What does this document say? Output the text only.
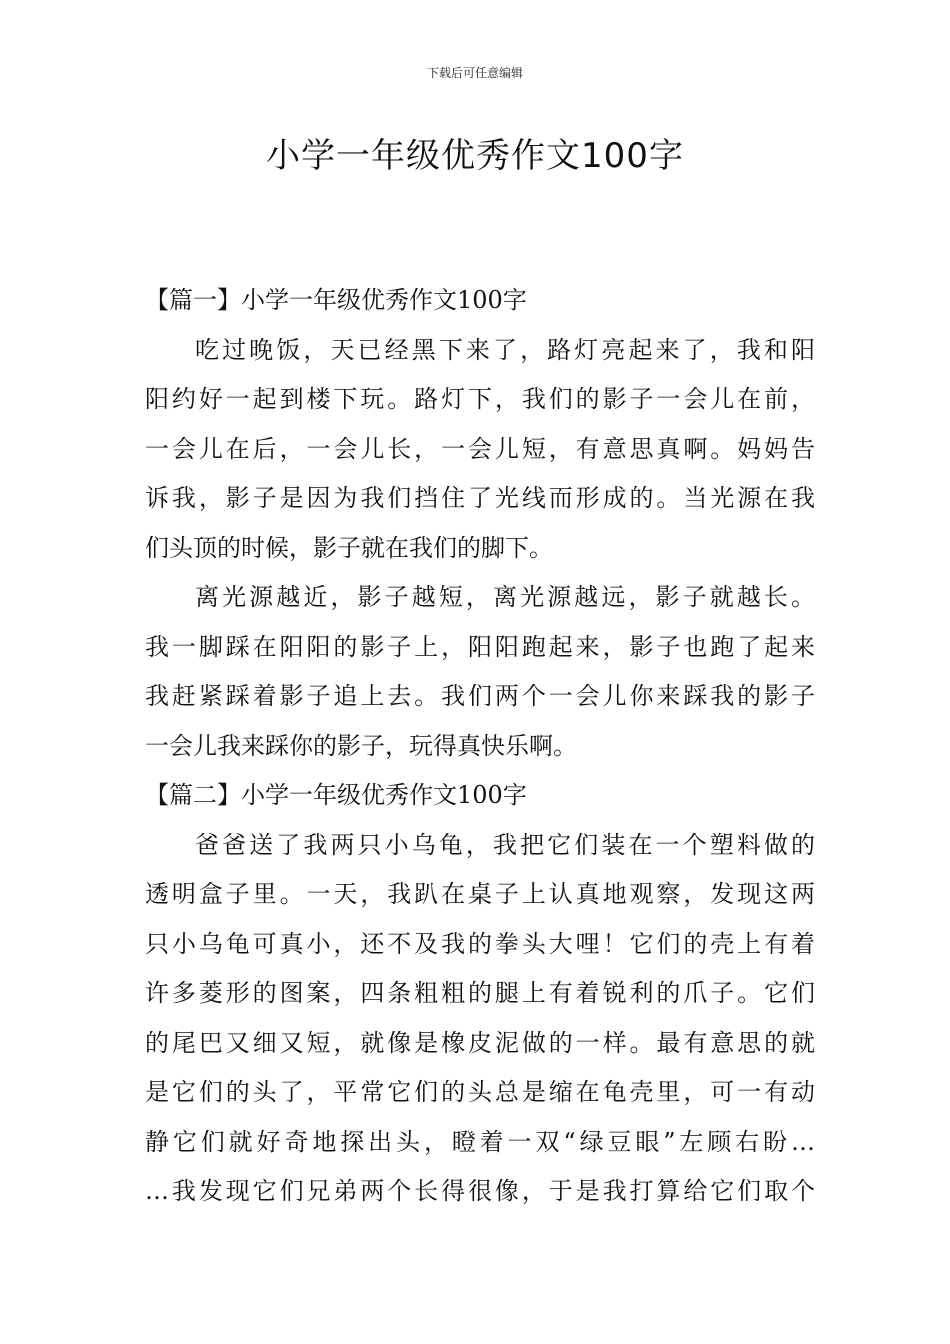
下载后可任意编辑
小学一年级优秀作文100字
【篇一】小学一年级优秀作文100字
吃过晚饭，天已经黑下来了，路灯亮起来了，我和阳
阳约好一起到楼下玩。路灯下，我们的影子一会儿在前，
一会儿在后，一会儿长，一会儿短，有意思真啊。妈妈告
诉我，影子是因为我们挡住了光线而形成的。当光源在我
们头顶的时候，影子就在我们的脚下。
离光源越近，影子越短，离光源越远，影子就越长。
我一脚踩在阳阳的影子上，阳阳跑起来，影子也跑了起来
我赶紧踩着影子追上去。我们两个一会儿你来踩我的影子
一会儿我来踩你的影子，玩得真快乐啊。
【篇二】小学一年级优秀作文100字
爸爸送了我两只小乌龟，我把它们装在一个塑料做的
透明盒子里。一天，我趴在桌子上认真地观察，发现这两
只小乌龟可真小，还不及我的拳头大哩！它们的壳上有着
许多菱形的图案，四条粗粗的腿上有着锐利的爪子。它们
的尾巴又细又短，就像是橡皮泥做的一样。最有意思的就
是它们的头了，平常它们的头总是缩在龟壳里，可一有动
静它们就好奇地探出头，瞪着一双“绿豆眼”左顾右盼…
…我发现它们兄弟两个长得很像，于是我打算给它们取个
